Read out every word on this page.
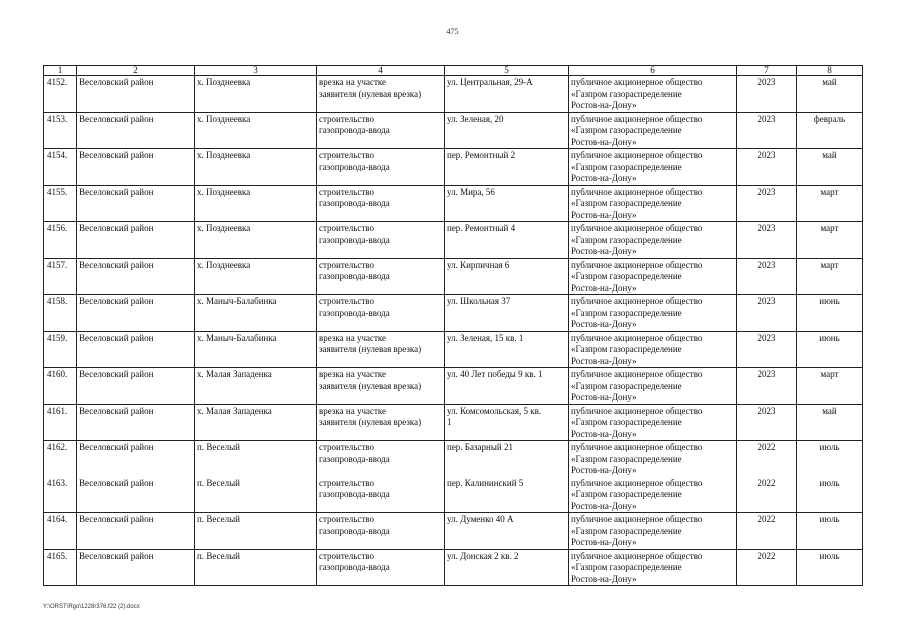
475
1	2	3	4	5	6	7	8
4152.	Веселовский район	х. Позднеевка	врезка на участке
заявителя (нулевая врезка)	ул. Центральная, 29-А	публичное акционерное общество
«Газпром газораспределение
Ростов-на-Дону»	2023	май
4153.	Веселовский район	х. Позднеевка	строительство
газопровода-ввода	ул. Зеленая, 20	публичное акционерное общество
«Газпром газораспределение
Ростов-на-Дону»	2023	февраль
4154.	Веселовский район	х. Позднеевка	строительство
газопровода-ввода	пер. Ремонтный 2	публичное акционерное общество
«Газпром газораспределение
Ростов-на-Дону»	2023	май
4155.	Веселовский район	х. Позднеевка	строительство
газопровода-ввода	ул. Мира, 56	публичное акционерное общество
«Газпром газораспределение
Ростов-на-Дону»	2023	март
4156.	Веселовский район	х. Позднеевка	строительство
газопровода-ввода	пер. Ремонтный 4	публичное акционерное общество
«Газпром газораспределение
Ростов-на-Дону»	2023	март
4157.	Веселовский район	х. Позднеевка	строительство
газопровода-ввода	ул. Кирпичная 6	публичное акционерное общество
«Газпром газораспределение
Ростов-на-Дону»	2023	март
4158.	Веселовский район	х. Маныч-Балабинка	строительство
газопровода-ввода	ул. Школьная 37	публичное акционерное общество
«Газпром газораспределение
Ростов-на-Дону»	2023	июнь
4159.	Веселовский район	х. Маныч-Балабинка	врезка на участке
заявителя (нулевая врезка)	ул. Зеленая, 15 кв. 1	публичное акционерное общество
«Газпром газораспределение
Ростов-на-Дону»	2023	июнь
4160.	Веселовский район	х. Малая Западенка	врезка на участке
заявителя (нулевая врезка)	ул. 40 Лет победы 9 кв. 1	публичное акционерное общество
«Газпром газораспределение
Ростов-на-Дону»	2023	март
4161.	Веселовский район	х. Малая Западенка	врезка на участке
заявителя (нулевая врезка)	ул. Комсомольская, 5 кв.
1	публичное акционерное общество
«Газпром газораспределение
Ростов-на-Дону»	2023	май
4162.	Веселовский район	п. Веселый	строительство
газопровода-ввода	пер. Базарный 21	публичное акционерное общество
«Газпром газораспределение
Ростов-на-Дону»	2022	июль
4163.	Веселовский район	п. Веселый	строительство
газопровода-ввода	пер. Калининский 5	публичное акционерное общество
«Газпром газораспределение
Ростов-на-Дону»	2022	июль
4164.	Веселовский район	п. Веселый	строительство
газопровода-ввода	ул. Думенко 40 А	публичное акционерное общество
«Газпром газораспределение
Ростов-на-Дону»	2022	июль
4165.	Веселовский район	п. Веселый	строительство
газопровода-ввода	ул. Донская 2 кв. 2	публичное акционерное общество
«Газпром газораспределение
Ростов-на-Дону»	2022	июль
Y:\ORST\Rgo\1228r376.f22 (2).docx
